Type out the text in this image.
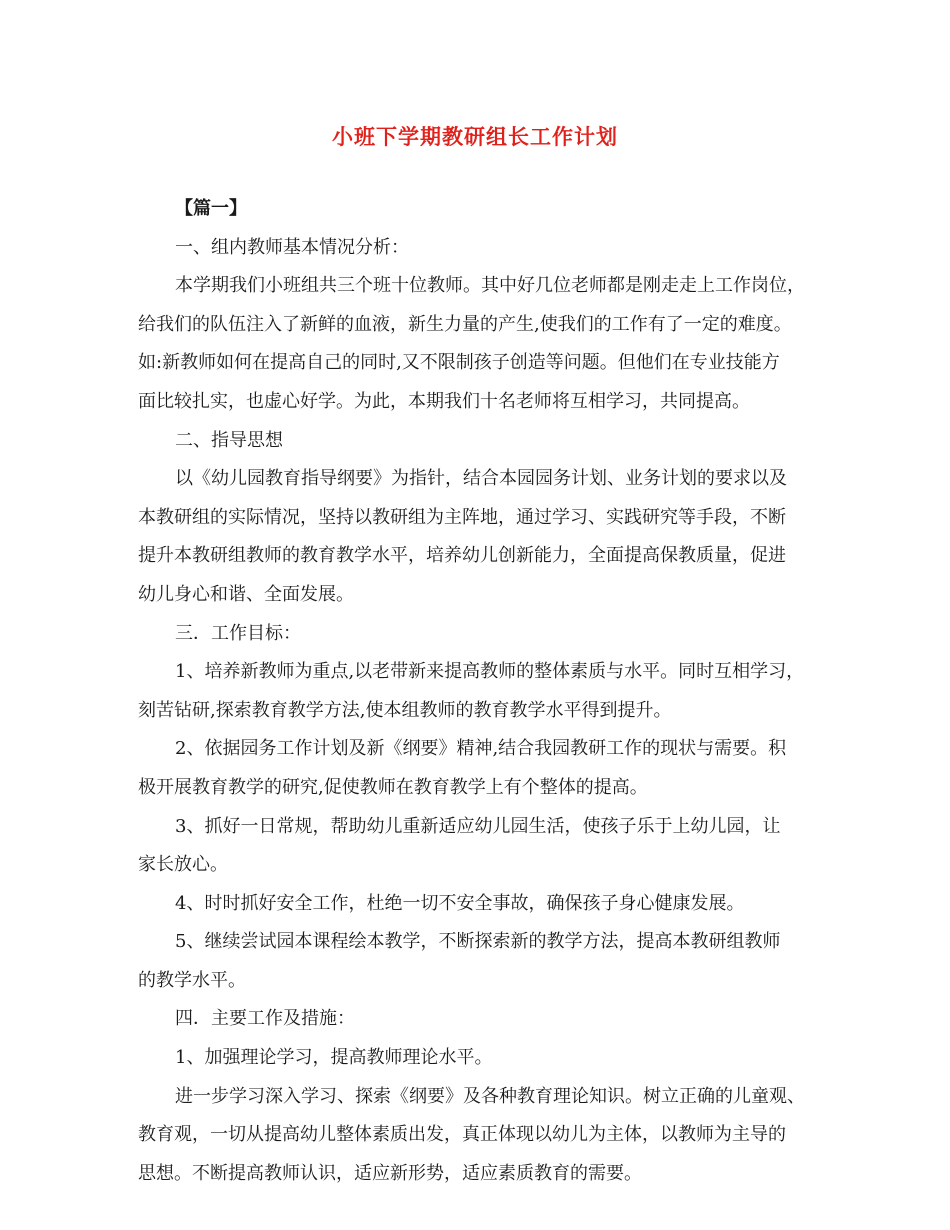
小班下学期教研组长工作计划
【篇一】
一、组内教师基本情况分析：
本学期我们小班组共三个班十位教师。其中好几位老师都是刚走走上工作岗位，
给我们的队伍注入了新鲜的血液，新生力量的产生,使我们的工作有了一定的难度。
如:新教师如何在提高自己的同时,又不限制孩子创造等问题。但他们在专业技能方
面比较扎实，也虚心好学。为此，本期我们十名老师将互相学习，共同提高。
二、指导思想
以《幼儿园教育指导纲要》为指针，结合本园园务计划、业务计划的要求以及
本教研组的实际情况，坚持以教研组为主阵地，通过学习、实践研究等手段，不断
提升本教研组教师的教育教学水平，培养幼儿创新能力，全面提高保教质量，促进
幼儿身心和谐、全面发展。
三．工作目标：
1、培养新教师为重点,以老带新来提高教师的整体素质与水平。同时互相学习，
刻苦钻研,探索教育教学方法,使本组教师的教育教学水平得到提升。
2、依据园务工作计划及新《纲要》精神,结合我园教研工作的现状与需要。积
极开展教育教学的研究,促使教师在教育教学上有个整体的提高。
3、抓好一日常规，帮助幼儿重新适应幼儿园生活，使孩子乐于上幼儿园，让
家长放心。
4、时时抓好安全工作，杜绝一切不安全事故，确保孩子身心健康发展。
5、继续尝试园本课程绘本教学，不断探索新的教学方法，提高本教研组教师
的教学水平。
四．主要工作及措施：
1、加强理论学习，提高教师理论水平。
进一步学习深入学习、探索《纲要》及各种教育理论知识。树立正确的儿童观、
教育观，一切从提高幼儿整体素质出发，真正体现以幼儿为主体，以教师为主导的
思想。不断提高教师认识，适应新形势，适应素质教育的需要。
